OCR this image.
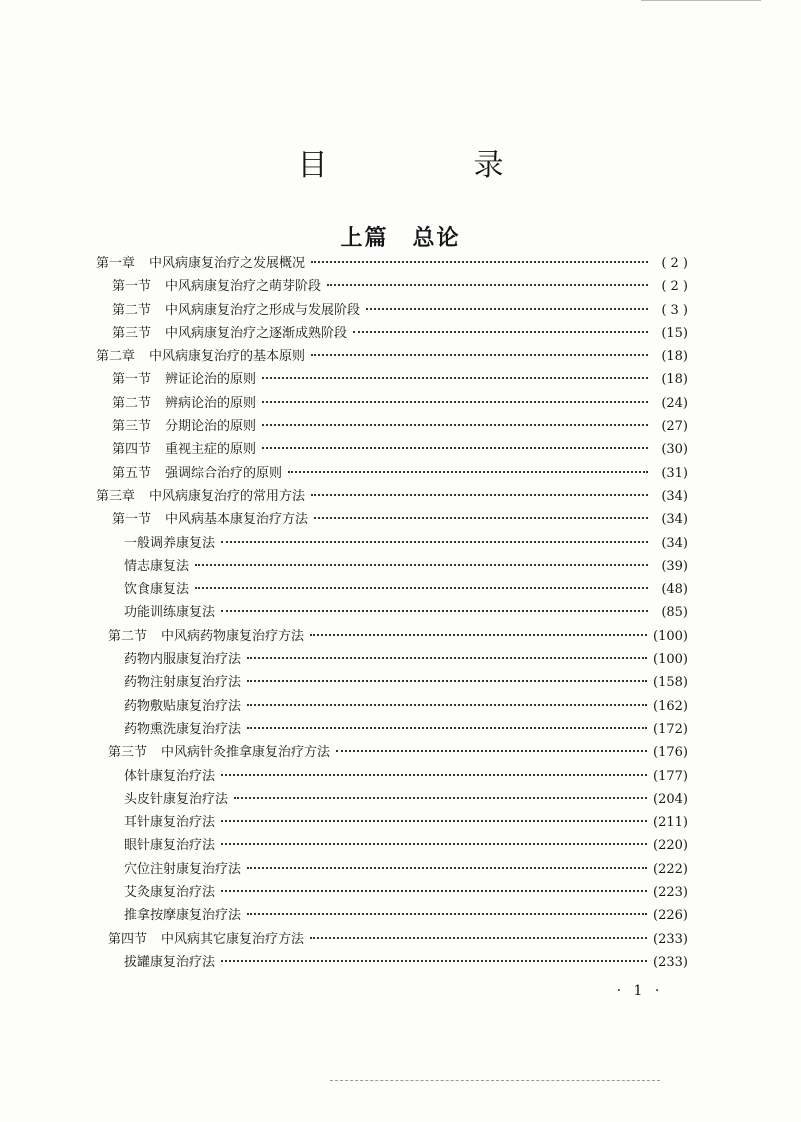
目　录
上篇　总论
第一章 中风病康复治疗之发展概况	( 2 )
第一节 中风病康复治疗之萌芽阶段	( 2 )
第二节 中风病康复治疗之形成与发展阶段	( 3 )
第三节 中风病康复治疗之逐渐成熟阶段	(15)
第二章 中风病康复治疗的基本原则	(18)
第一节 辨证论治的原则	(18)
第二节 辨病论治的原则	(24)
第三节 分期论治的原则	(27)
第四节 重视主症的原则	(30)
第五节 强调综合治疗的原则	(31)
第三章 中风病康复治疗的常用方法	(34)
第一节 中风病基本康复治疗方法	(34)
一般调养康复法	(34)
情志康复法	(39)
饮食康复法	(48)
功能训练康复法	(85)
第二节 中风病药物康复治疗方法	(100)
药物内服康复治疗法	(100)
药物注射康复治疗法	(158)
药物敷贴康复治疗法	(162)
药物熏洗康复治疗法	(172)
第三节 中风病针灸推拿康复治疗方法	(176)
体针康复治疗法	(177)
头皮针康复治疗法	(204)
耳针康复治疗法	(211)
眼针康复治疗法	(220)
穴位注射康复治疗法	(222)
艾灸康复治疗法	(223)
推拿按摩康复治疗法	(226)
第四节 中风病其它康复治疗方法	(233)
拔罐康复治疗法	(233)
· 1 ·
